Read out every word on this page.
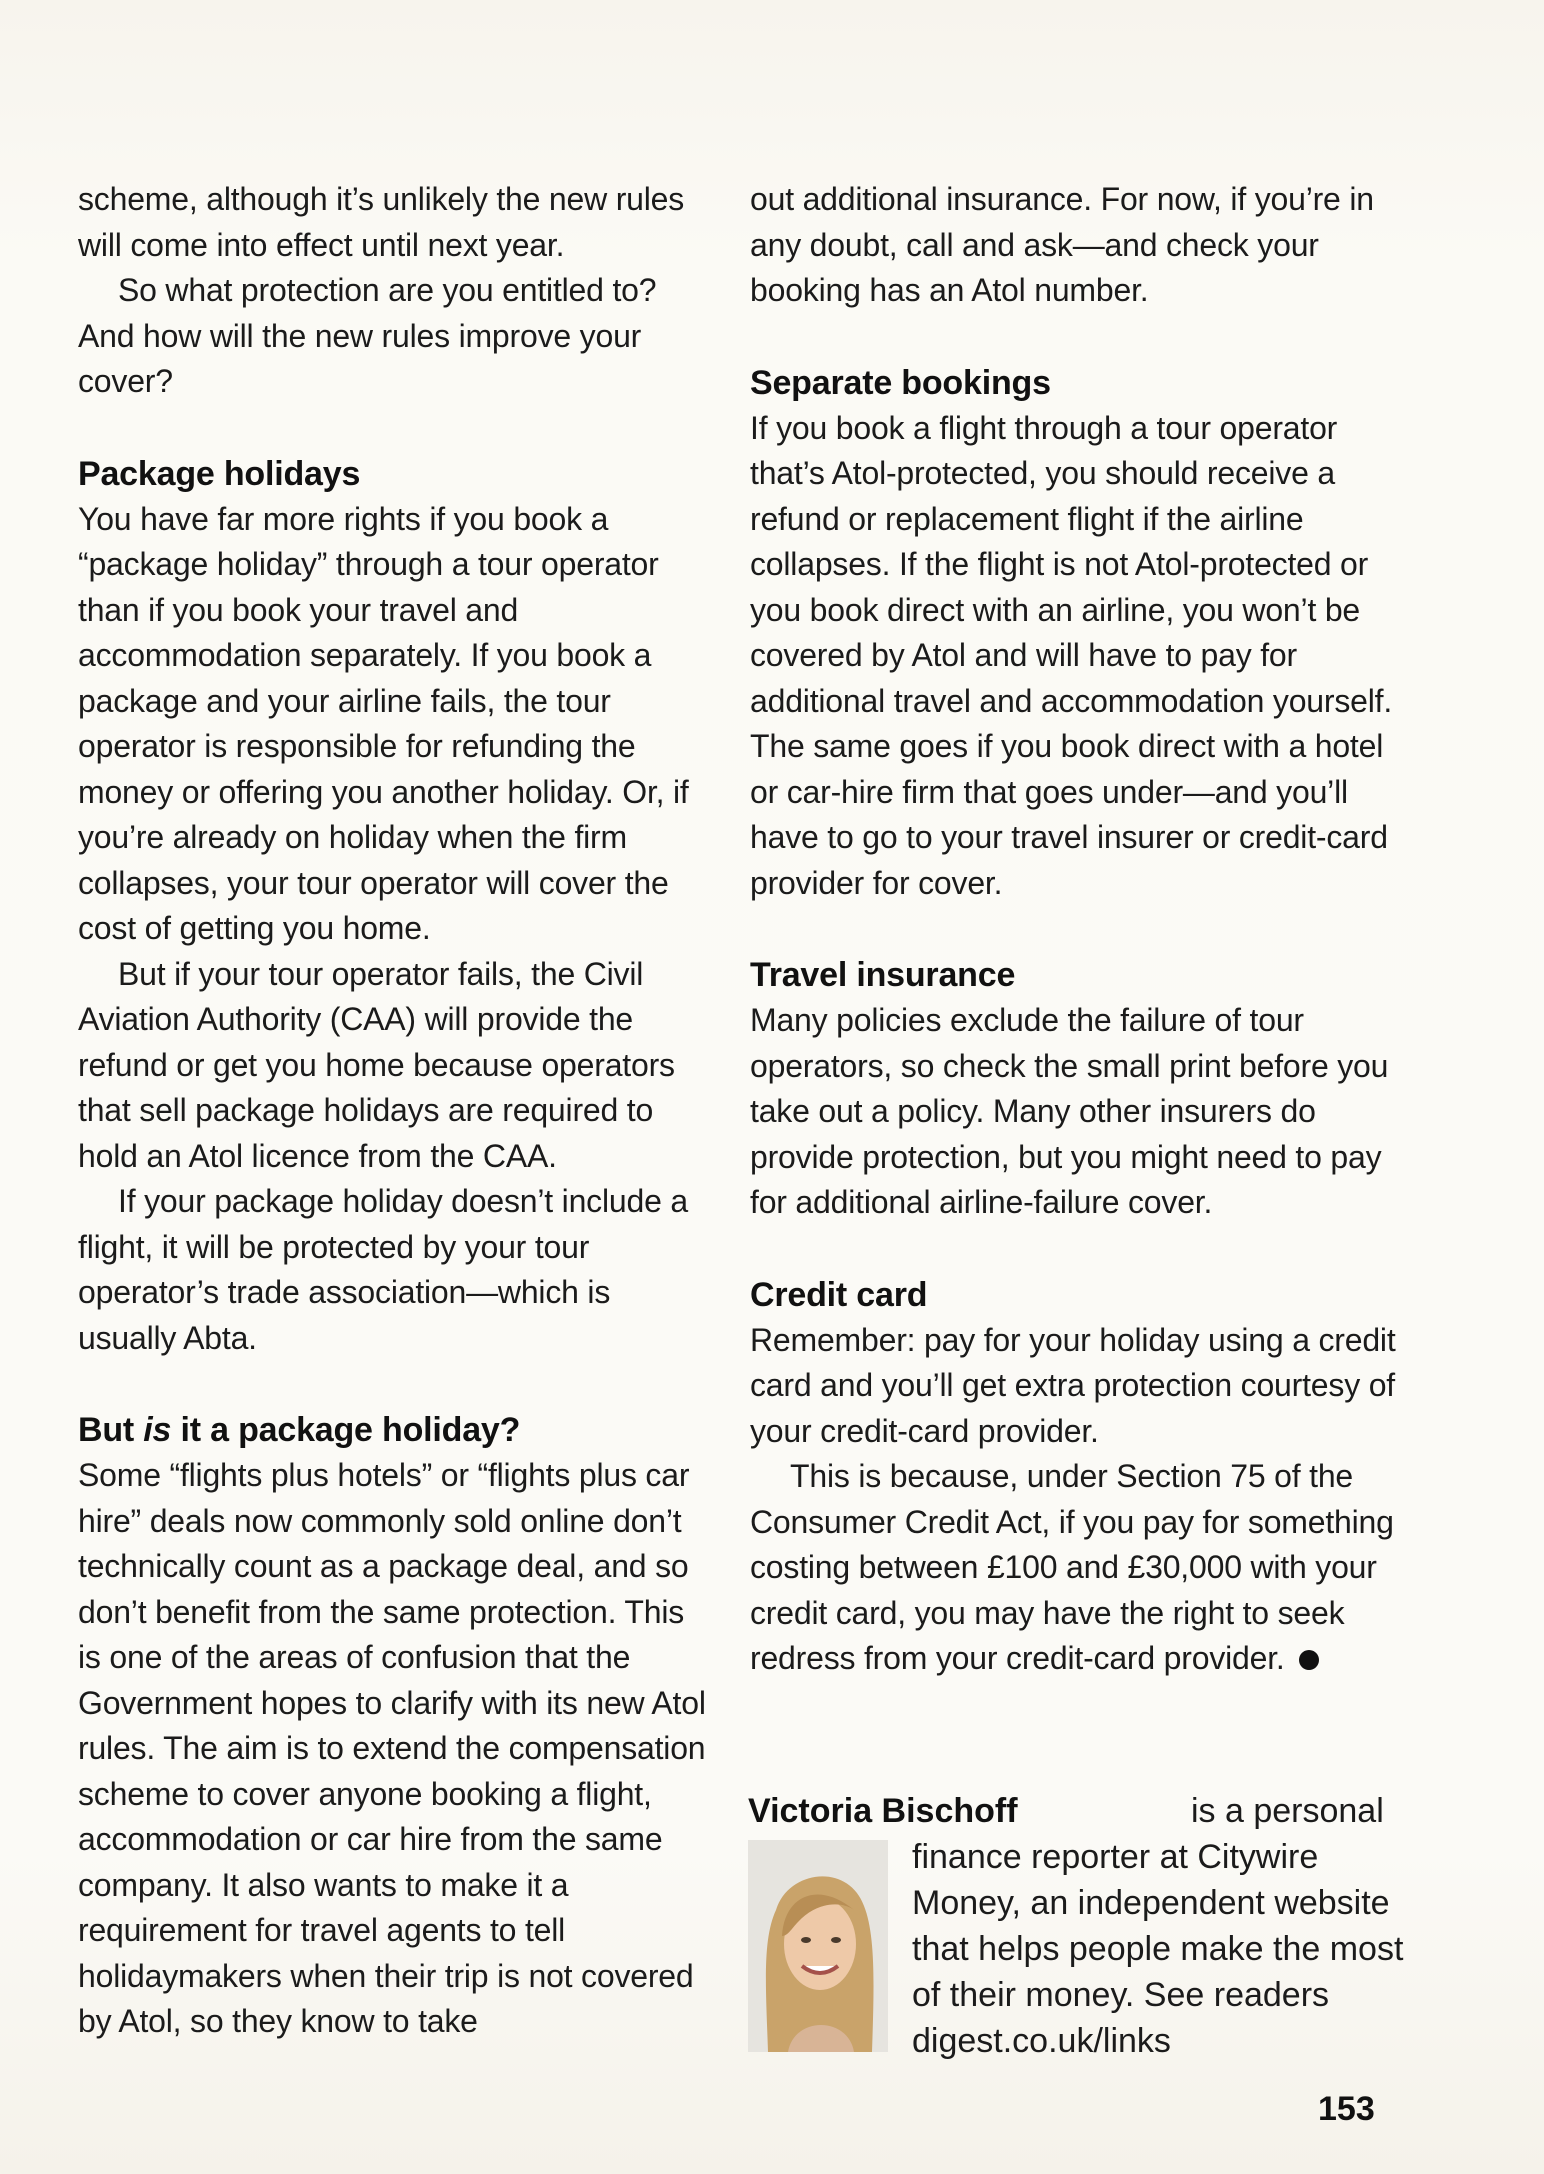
scheme, although it’s unlikely the new rules will come into effect until next year.

So what protection are you entitled to? And how will the new rules improve your cover?

Package holidays

You have far more rights if you book a “package holiday” through a tour operator than if you book your travel and accommodation separately. If you book a package and your airline fails, the tour operator is responsible for refunding the money or offering you another holiday. Or, if you’re already on holiday when the firm collapses, your tour operator will cover the cost of getting you home.

But if your tour operator fails, the Civil Aviation Authority (CAA) will provide the refund or get you home because operators that sell package holidays are required to hold an Atol licence from the CAA.

If your package holiday doesn’t include a flight, it will be protected by your tour operator’s trade association—which is usually Abta.

But is it a package holiday?

Some “flights plus hotels” or “flights plus car hire” deals now commonly sold online don’t technically count as a package deal, and so don’t benefit from the same protection. This is one of the areas of confusion that the Government hopes to clarify with its new Atol rules. The aim is to extend the compensation scheme to cover anyone booking a flight, accommodation or car hire from the same company. It also wants to make it a requirement for travel agents to tell holidaymakers when their trip is not covered by Atol, so they know to take

out additional insurance. For now, if you’re in any doubt, call and ask—and check your booking has an Atol number.

Separate bookings

If you book a flight through a tour operator that’s Atol-protected, you should receive a refund or replacement flight if the airline collapses. If the flight is not Atol-protected or you book direct with an airline, you won’t be covered by Atol and will have to pay for additional travel and accommodation yourself. The same goes if you book direct with a hotel or car-hire firm that goes under—and you’ll have to go to your travel insurer or credit-card provider for cover.

Travel insurance

Many policies exclude the failure of tour operators, so check the small print before you take out a policy. Many other insurers do provide protection, but you might need to pay for additional airline-failure cover.

Credit card

Remember: pay for your holiday using a credit card and you’ll get extra protection courtesy of your credit-card provider.

This is because, under Section 75 of the Consumer Credit Act, if you pay for something costing between £100 and £30,000 with your credit card, you may have the right to seek redress from your credit-card provider.

Victoria Bischoff	is a personal finance reporter at Citywire Money, an independent website that helps people make the most of their money. See readers digest.co.uk/links
153
